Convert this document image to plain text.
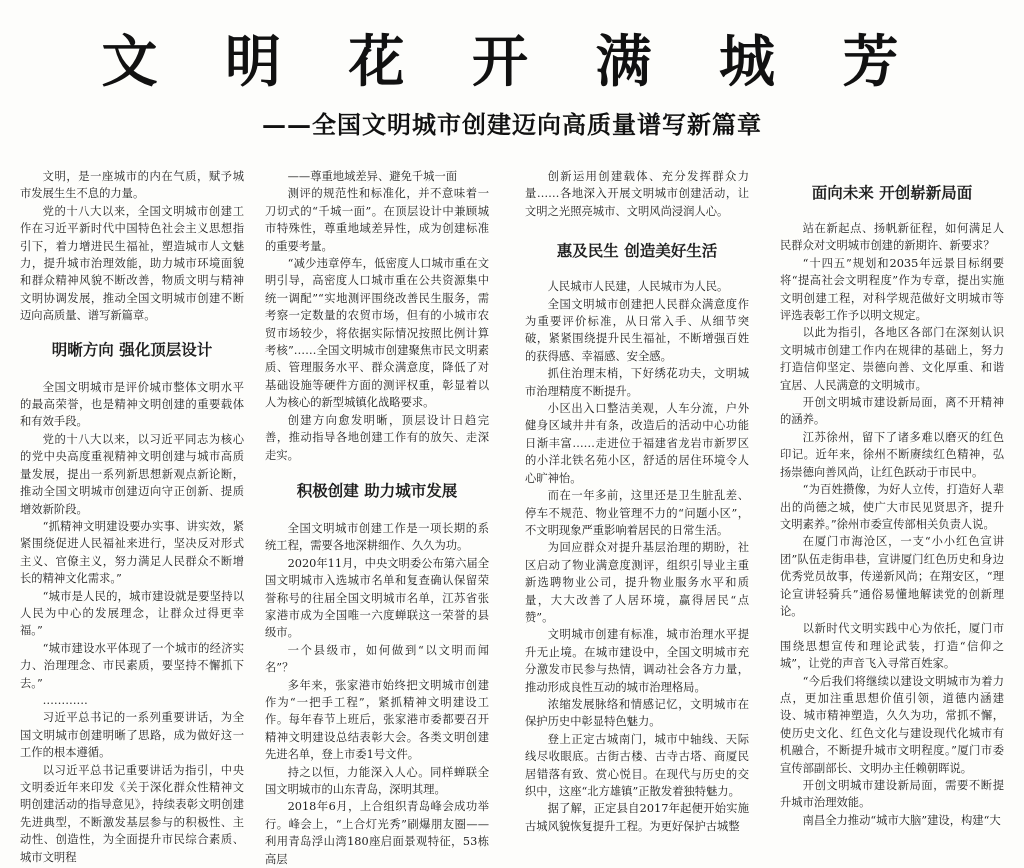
文 明 花 开 满 城 芳
——全国文明城市创建迈向高质量谱写新篇章

文明，是一座城市的内在气质，赋予城市发展生生不息的力量。

党的十八大以来，全国文明城市创建工作在习近平新时代中国特色社会主义思想指引下，着力增进民生福祉，塑造城市人文魅力，提升城市治理效能，助力城市环境面貌和群众精神风貌不断改善，物质文明与精神文明协调发展，推动全国文明城市创建不断迈向高质量、谱写新篇章。

明晰方向 强化顶层设计

全国文明城市是评价城市整体文明水平的最高荣誉，也是精神文明创建的重要载体和有效手段。

党的十八大以来，以习近平同志为核心的党中央高度重视精神文明创建与城市高质量发展，提出一系列新思想新观点新论断，推动全国文明城市创建迈向守正创新、提质增效新阶段。

“抓精神文明建设要办实事、讲实效，紧紧围绕促进人民福祉来进行，坚决反对形式主义、官僚主义，努力满足人民群众不断增长的精神文化需求。”

“城市是人民的，城市建设就是要坚持以人民为中心的发展理念，让群众过得更幸福。”

“城市建设水平体现了一个城市的经济实力、治理理念、市民素质，要坚持不懈抓下去。”

…………

习近平总书记的一系列重要讲话，为全国文明城市创建明晰了思路，成为做好这一工作的根本遵循。

以习近平总书记重要讲话为指引，中央文明委近年来印发《关于深化群众性精神文明创建活动的指导意见》，持续表彰文明创建先进典型，不断激发基层参与的积极性、主动性、创造性，为全面提升市民综合素质、城市文明程

——尊重地域差异、避免千城一面

测评的规范性和标准化，并不意味着一刀切式的“千城一面”。在顶层设计中兼顾城市特殊性，尊重地域差异性，成为创建标准的重要考量。

“减少违章停车，低密度人口城市重在文明引导，高密度人口城市重在公共资源集中统一调配”“实地测评围绕改善民生服务，需考察一定数量的农贸市场，但有的小城市农贸市场较少，将依据实际情况按照比例计算考核”……全国文明城市创建聚焦市民文明素质、管理服务水平、群众满意度，降低了对基础设施等硬件方面的测评权重，彰显着以人为核心的新型城镇化战略要求。

创建方向愈发明晰，顶层设计日趋完善，推动指导各地创建工作有的放矢、走深走实。

积极创建 助力城市发展

全国文明城市创建工作是一项长期的系统工程，需要各地深耕细作、久久为功。

2020年11月，中央文明委公布第六届全国文明城市入选城市名单和复查确认保留荣誉称号的往届全国文明城市名单，江苏省张家港市成为全国唯一六度蝉联这一荣誉的县级市。

一个县级市，如何做到“以文明而闻名”？

多年来，张家港市始终把文明城市创建作为“一把手工程”，紧抓精神文明建设工作。每年春节上班后，张家港市委都要召开精神文明建设总结表彰大会。各类文明创建先进名单，登上市委1号文件。

持之以恒，力能深入人心。同样蝉联全国文明城市的山东青岛，深明其理。

2018年6月，上合组织青岛峰会成功举行。峰会上，“上合灯光秀”刷爆朋友圈——利用青岛浮山湾180座启面景观特征，53栋高层

创新运用创建载体、充分发挥群众力量……各地深入开展文明城市创建活动，让文明之光照亮城市、文明风尚浸润人心。

惠及民生 创造美好生活

人民城市人民建，人民城市为人民。

全国文明城市创建把人民群众满意度作为重要评价标准，从日常入手、从细节突破，紧紧围绕提升民生福祉，不断增强百姓的获得感、幸福感、安全感。

抓住治理末梢，下好绣花功夫，文明城市治理精度不断提升。

小区出入口整洁美观，人车分流，户外健身区域井井有条，改造后的活动中心功能日渐丰富……走进位于福建省龙岩市新罗区的小洋北铁名苑小区，舒适的居住环境令人心旷神怡。

而在一年多前，这里还是卫生脏乱差、停车不规范、物业管理不力的“问题小区”，不文明现象严重影响着居民的日常生活。

为回应群众对提升基层治理的期盼，社区启动了物业满意度测评，组织引导业主重新选聘物业公司，提升物业服务水平和质量，大大改善了人居环境，赢得居民“点赞”。

文明城市创建有标准，城市治理水平提升无止境。在城市建设中，全国文明城市充分激发市民参与热情，调动社会各方力量，推动形成良性互动的城市治理格局。

浓缩发展脉络和情感记忆，文明城市在保护历史中彰显特色魅力。

登上正定古城南门，城市中轴线、天际线尽收眼底。古街古楼、古寺古塔、商厦民居错落有致、赏心悦目。在现代与历史的交织中，这座“北方雄镇”正散发着独特魅力。

据了解，正定县自2017年起便开始实施古城风貌恢复提升工程。为更好保护古城整

面向未来 开创崭新局面

站在新起点、扬帆新征程，如何满足人民群众对文明城市创建的新期许、新要求？

“十四五”规划和2035年远景目标纲要将“提高社会文明程度”作为专章，提出实施文明创建工程，对科学规范做好文明城市等评选表彰工作予以明文规定。

以此为指引，各地区各部门在深刻认识文明城市创建工作内在规律的基础上，努力打造信仰坚定、崇德向善、文化厚重、和谐宜居、人民满意的文明城市。

开创文明城市建设新局面，离不开精神的涵养。

江苏徐州，留下了诸多难以磨灭的红色印记。近年来，徐州不断赓续红色精神，弘扬崇德向善风尚，让红色跃动于市民中。

“为百姓攒像，为好人立传，打造好人辈出的尚德之城，使广大市民见贤思齐，提升文明素养。”徐州市委宣传部相关负责人说。

在厦门市海沧区，一支“小小红色宣讲团”队伍走街串巷，宣讲厦门红色历史和身边优秀党员故事，传递新风尚；在翔安区，“理论宣讲轻骑兵”通俗易懂地解读党的创新理论。

以新时代文明实践中心为依托，厦门市围绕思想宣传和理论武装，打造“信仰之城”，让党的声音飞入寻常百姓家。

“今后我们将继续以建设文明城市为着力点，更加注重思想价值引领，道德内涵建设、城市精神塑造，久久为功，常抓不懈，使历史文化、红色文化与建设现代化城市有机融合，不断提升城市文明程度。”厦门市委宣传部副部长、文明办主任赖朝晖说。

开创文明城市建设新局面，需要不断提升城市治理效能。

南昌全力推动“城市大脑”建设，构建“大
